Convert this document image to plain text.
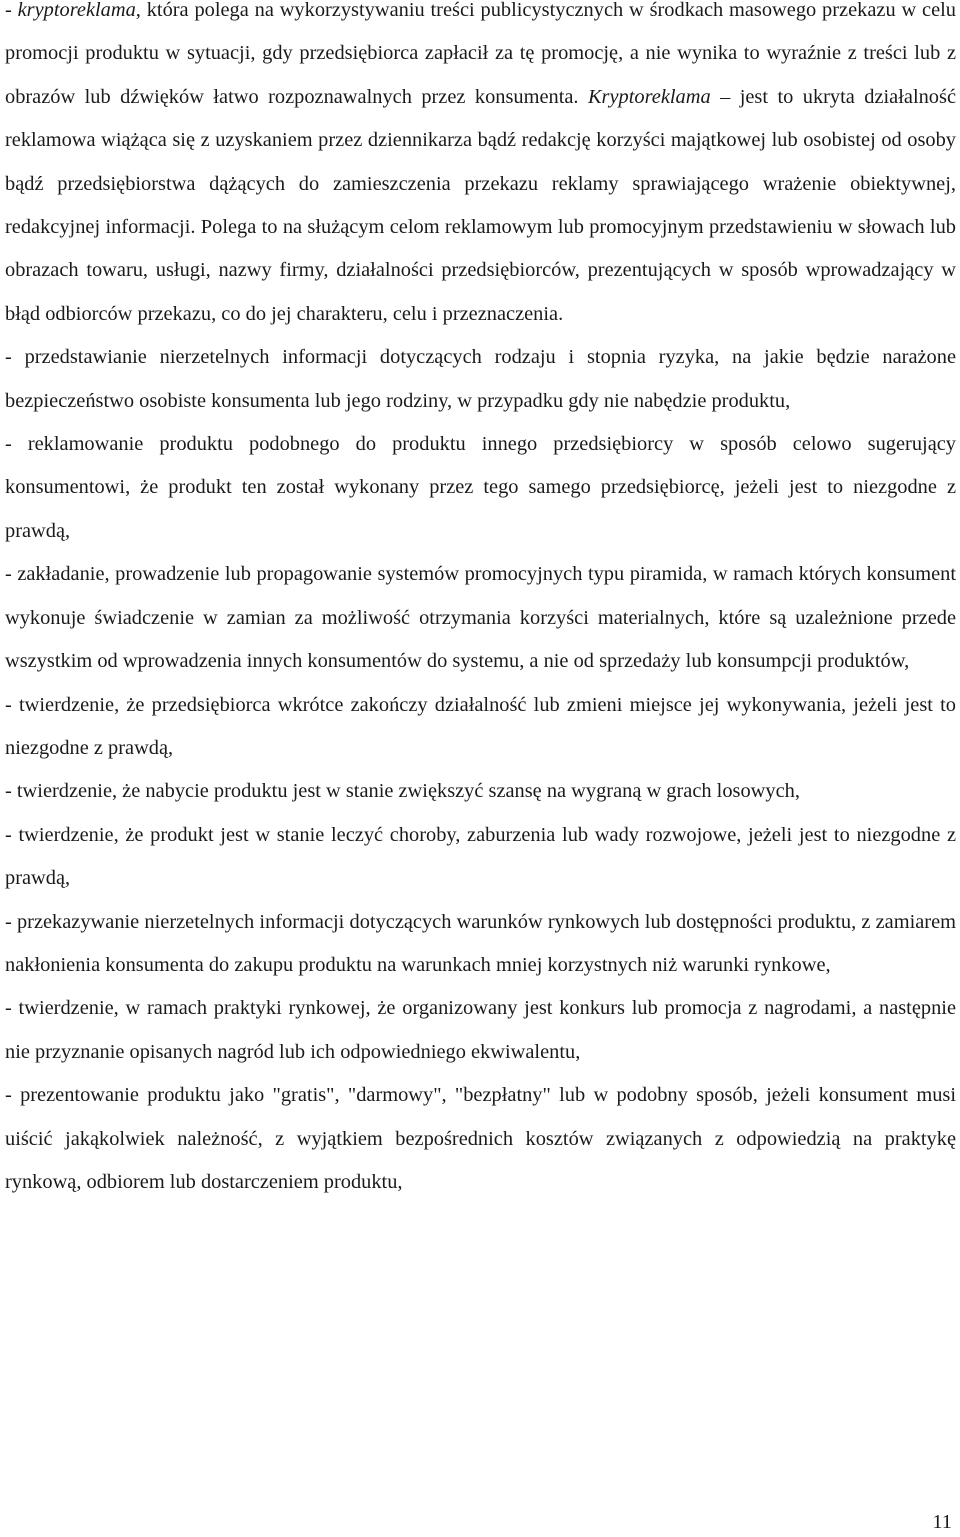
- kryptoreklama, która polega na wykorzystywaniu treści publicystycznych w środkach masowego przekazu w celu promocji produktu w sytuacji, gdy przedsiębiorca zapłacił za tę promocję, a nie wynika to wyraźnie z treści lub z obrazów lub dźwięków łatwo rozpoznawalnych przez konsumenta. Kryptoreklama – jest to ukryta działalność reklamowa wiążąca się z uzyskaniem przez dziennikarza bądź redakcję korzyści majątkowej lub osobistej od osoby bądź przedsiębiorstwa dążących do zamieszczenia przekazu reklamy sprawiającego wrażenie obiektywnej, redakcyjnej informacji. Polega to na służącym celom reklamowym lub promocyjnym przedstawieniu w słowach lub obrazach towaru, usługi, nazwy firmy, działalności przedsiębiorców, prezentujących w sposób wprowadzający w błąd odbiorców przekazu, co do jej charakteru, celu i przeznaczenia.

- przedstawianie nierzetelnych informacji dotyczących rodzaju i stopnia ryzyka, na jakie będzie narażone bezpieczeństwo osobiste konsumenta lub jego rodziny, w przypadku gdy nie nabędzie produktu,

- reklamowanie produktu podobnego do produktu innego przedsiębiorcy w sposób celowo sugerujący konsumentowi, że produkt ten został wykonany przez tego samego przedsiębiorcę, jeżeli jest to niezgodne z prawdą,

- zakładanie, prowadzenie lub propagowanie systemów promocyjnych typu piramida, w ramach których konsument wykonuje świadczenie w zamian za możliwość otrzymania korzyści materialnych, które są uzależnione przede wszystkim od wprowadzenia innych konsumentów do systemu, a nie od sprzedaży lub konsumpcji produktów,

- twierdzenie, że przedsiębiorca wkrótce zakończy działalność lub zmieni miejsce jej wykonywania, jeżeli jest to niezgodne z prawdą,

- twierdzenie, że nabycie produktu jest w stanie zwiększyć szansę na wygraną w grach losowych,

- twierdzenie, że produkt jest w stanie leczyć choroby, zaburzenia lub wady rozwojowe, jeżeli jest to niezgodne z prawdą,

- przekazywanie nierzetelnych informacji dotyczących warunków rynkowych lub dostępności produktu, z zamiarem nakłonienia konsumenta do zakupu produktu na warunkach mniej korzystnych niż warunki rynkowe,

- twierdzenie, w ramach praktyki rynkowej, że organizowany jest konkurs lub promocja z nagrodami, a następnie nie przyznanie opisanych nagród lub ich odpowiedniego ekwiwalentu,

- prezentowanie produktu jako "gratis", "darmowy", "bezpłatny" lub w podobny sposób, jeżeli konsument musi uiścić jakąkolwiek należność, z wyjątkiem bezpośrednich kosztów związanych z odpowiedzią na praktykę rynkową, odbiorem lub dostarczeniem produktu,

11
